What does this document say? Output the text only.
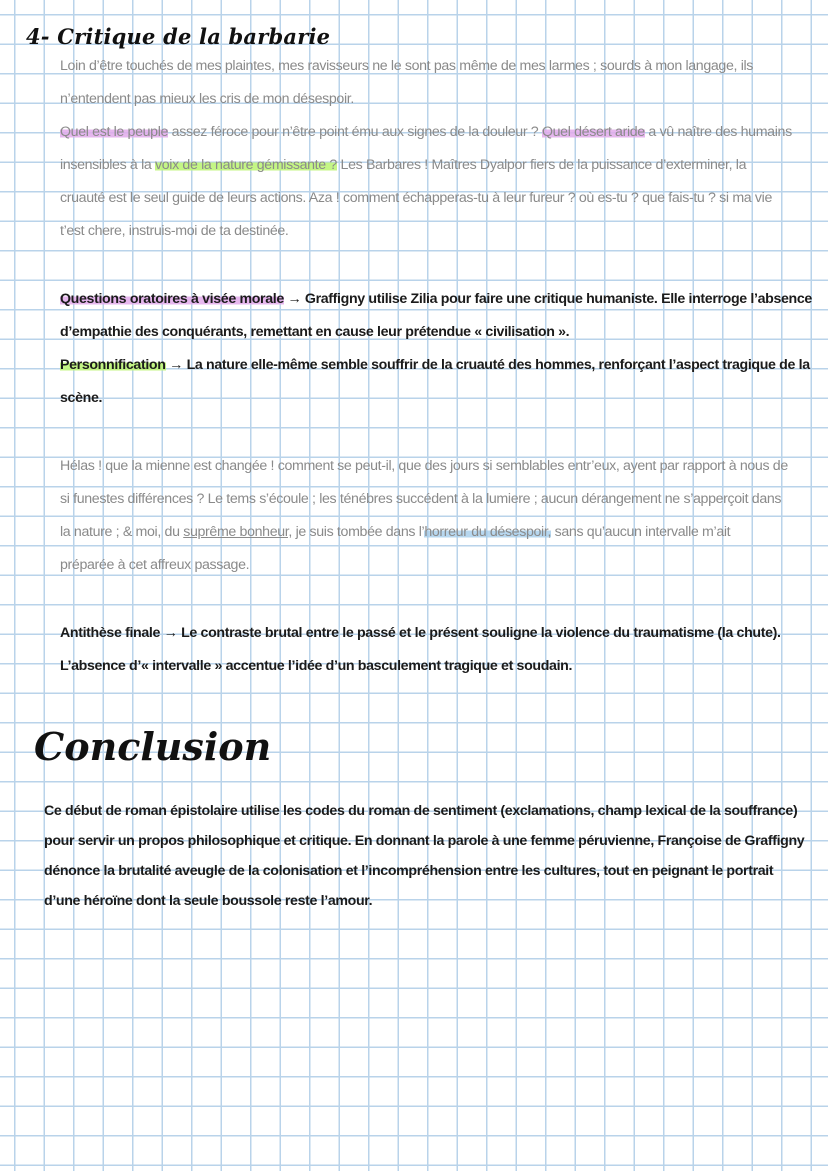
4- Critique de la barbarie

Loin d’être touchés de mes plaintes, mes ravisseurs ne le sont pas même de mes larmes ; sourds à mon langage, ils
n’entendent pas mieux les cris de mon désespoir.
Quel est le peuple assez féroce pour n’être point ému aux signes de la douleur ? Quel désert aride a vû naître des humains
insensibles à la voix de la nature gémissante ? Les Barbares ! Maîtres Dyalpor fiers de la puissance d’exterminer, la
cruauté est le seul guide de leurs actions. Aza ! comment échapperas-tu à leur fureur ? où es-tu ? que fais-tu ? si ma vie
t’est chere, instruis-moi de ta destinée.

Questions oratoires à visée morale → Graffigny utilise Zilia pour faire une critique humaniste. Elle interroge l’absence
d’empathie des conquérants, remettant en cause leur prétendue « civilisation ».
Personnification → La nature elle-même semble souffrir de la cruauté des hommes, renforçant l’aspect tragique de la
scène.

Hélas ! que la mienne est changée ! comment se peut-il, que des jours si semblables entr’eux, ayent par rapport à nous de
si funestes différences ? Le tems s’écoule ; les ténébres succédent à la lumiere ; aucun dérangement ne s’apperçoit dans
la nature ; & moi, du suprême bonheur, je suis tombée dans l’horreur du désespoir, sans qu’aucun intervalle m’ait
préparée à cet affreux passage.

Antithèse finale → Le contraste brutal entre le passé et le présent souligne la violence du traumatisme (la chute).
L’absence d’« intervalle » accentue l’idée d’un basculement tragique et soudain.

Conclusion

Ce début de roman épistolaire utilise les codes du roman de sentiment (exclamations, champ lexical de la souffrance)
pour servir un propos philosophique et critique. En donnant la parole à une femme péruvienne, Françoise de Graffigny
dénonce la brutalité aveugle de la colonisation et l’incompréhension entre les cultures, tout en peignant le portrait
d’une héroïne dont la seule boussole reste l’amour.
